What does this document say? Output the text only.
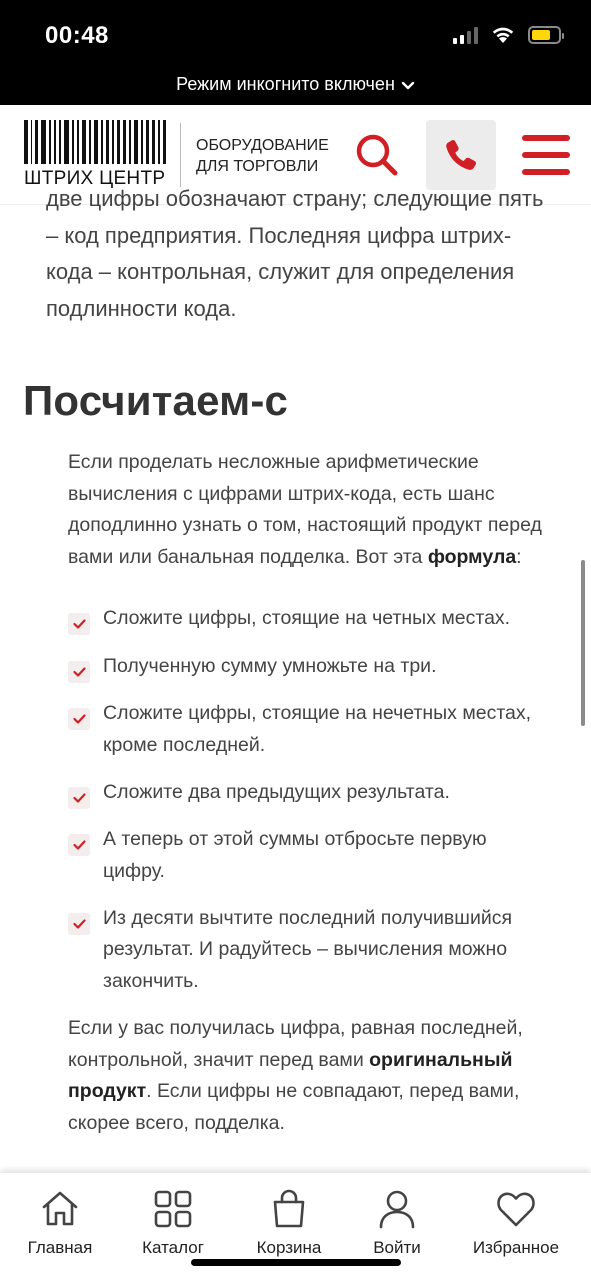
00:48
Режим инкогнито включен
ШТРИХ ЦЕНТР
ОБОРУДОВАНИЕ
ДЛЯ ТОРГОВЛИ

две цифры обозначают страну; следующие пять – код предприятия. Последняя цифра штрих-кода – контрольная, служит для определения подлинности кода.

Посчитаем-с

Если проделать несложные арифметические вычисления с цифрами штрих-кода, есть шанс доподлинно узнать о том, настоящий продукт перед вами или банальная подделка. Вот эта формула:

Сложите цифры, стоящие на четных местах.
Полученную сумму умножьте на три.
Сложите цифры, стоящие на нечетных местах, кроме последней.
Сложите два предыдущих результата.
А теперь от этой суммы отбросьте первую цифру.
Из десяти вычтите последний получившийся результат. И радуйтесь – вычисления можно закончить.

Если у вас получилась цифра, равная последней, контрольной, значит перед вами оригинальный продукт. Если цифры не совпадают, перед вами, скорее всего, подделка.

Главная	Каталог	Корзина	Войти	Избранное
